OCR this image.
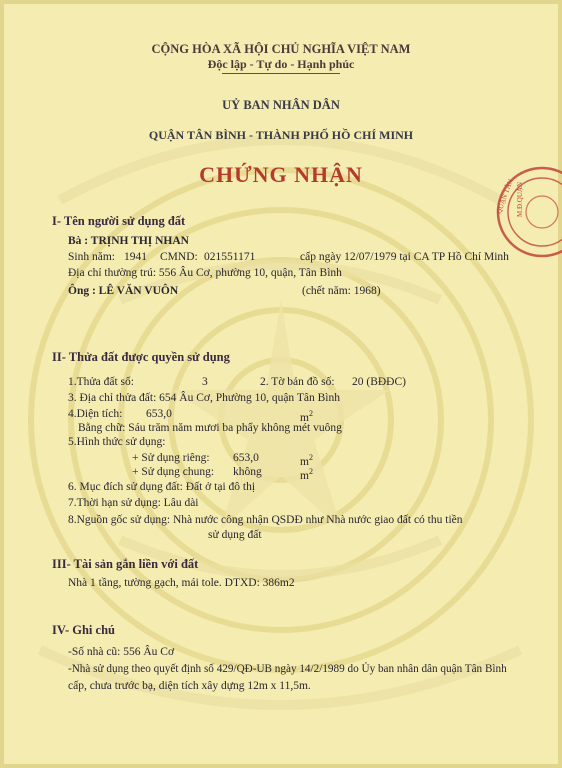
QUẬN TÂN M.Đ.QUẬN
CỘNG HÒA XÃ HỘI CHỦ NGHĨA VIỆT NAM
Độc lập - Tự do - Hạnh phúc
UỶ BAN NHÂN DÂN
QUẬN TÂN BÌNH - THÀNH PHỐ HỒ CHÍ MINH
CHỨNG NHẬN
I- Tên người sử dụng đất
Bà : TRỊNH THỊ NHAN
Sinh năm: 1941 CMND: 021551171	cấp ngày 12/07/1979 tại CA TP Hồ Chí Minh
Địa chỉ thường trú: 556 Âu Cơ, phường 10, quận, Tân Bình
Ông : LÊ VĂN VUÔN	(chết năm: 1968)
II- Thửa đất được quyền sử dụng
1.Thửa đất số:	3	2. Tờ bản đồ số: 20 (BĐĐC)
3. Địa chỉ thửa đất: 654 Âu Cơ, Phường 10, quận Tân Bình
4.Diện tích: 653,0	$m^2$
Bằng chữ: Sáu trăm năm mươi ba phẩy không mét vuông
5.Hình thức sử dụng:
+ Sử dụng riêng: 653,0	$m^2$
+ Sử dụng chung: không	$m^2$
6. Mục đích sử dụng đất: Đất ở tại đô thị
7.Thời hạn sử dụng: Lâu dài
8.Nguồn gốc sử dụng: Nhà nước công nhận QSDĐ như Nhà nước giao đất có thu tiền
sử dụng đất
III- Tài sản gắn liền với đất
Nhà 1 tầng, tường gạch, mái tole. DTXD: 386m2
IV- Ghi chú
-Số nhà cũ: 556 Âu Cơ
-Nhà sử dụng theo quyết định số 429/QĐ-UB ngày 14/2/1989 do Ủy ban nhân dân quận Tân Bình
cấp, chưa trước bạ, diện tích xây dựng 12m x 11,5m.
